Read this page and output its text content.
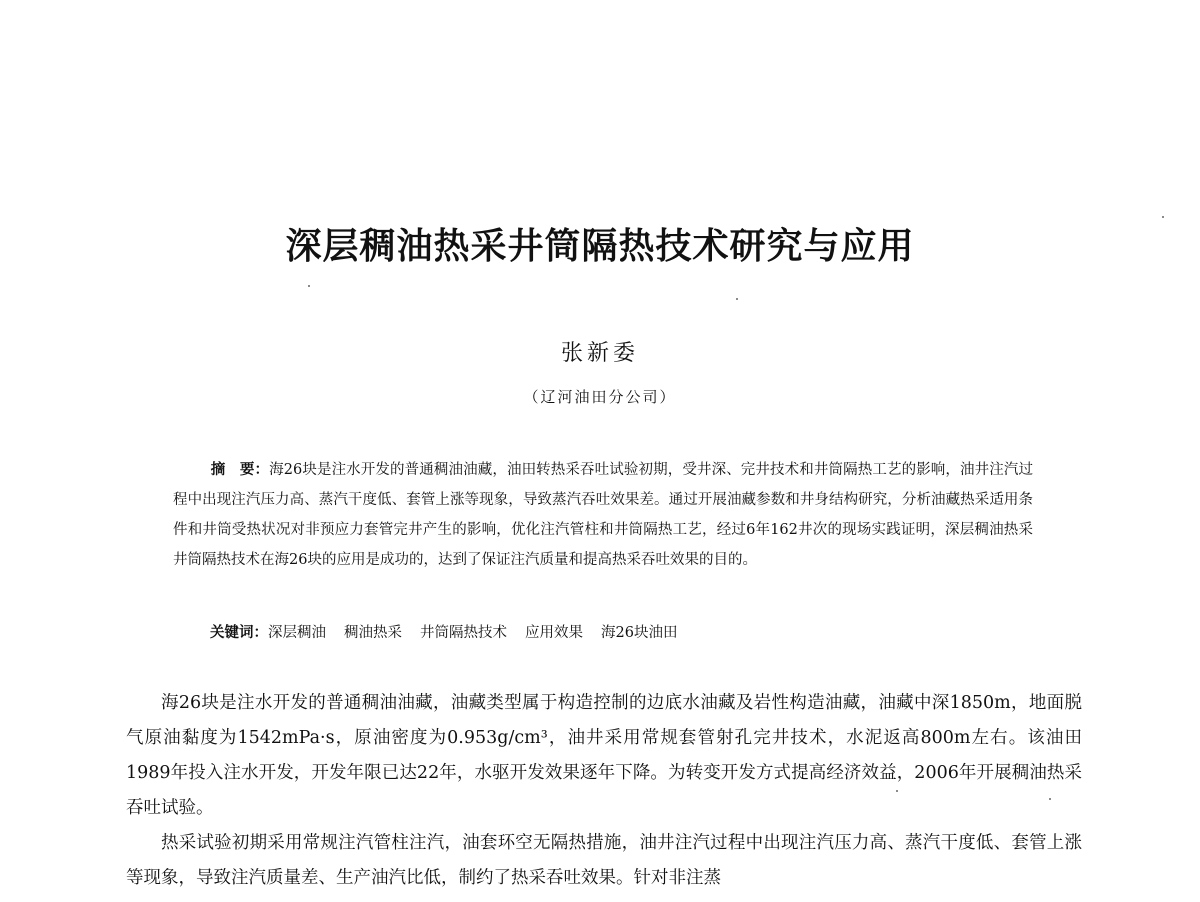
深层稠油热采井筒隔热技术研究与应用
张新委
（辽河油田分公司）

摘　要：海26块是注水开发的普通稠油油藏，油田转热采吞吐试验初期，受井深、完井技术和井筒隔热工艺的影响，油井注汽过程中出现注汽压力高、蒸汽干度低、套管上涨等现象，导致蒸汽吞吐效果差。通过开展油藏参数和井身结构研究，分析油藏热采适用条件和井筒受热状况对非预应力套管完井产生的影响，优化注汽管柱和井筒隔热工艺，经过6年162井次的现场实践证明，深层稠油热采井筒隔热技术在海26块的应用是成功的，达到了保证注汽质量和提高热采吞吐效果的目的。

关键词：深层稠油 稠油热采 井筒隔热技术 应用效果 海26块油田

海26块是注水开发的普通稠油油藏，油藏类型属于构造控制的边底水油藏及岩性构造油藏，油藏中深1850m，地面脱气原油黏度为1542mPa·s，原油密度为0.953g/cm³，油井采用常规套管射孔完井技术，水泥返高800m左右。该油田1989年投入注水开发，开发年限已达22年，水驱开发效果逐年下降。为转变开发方式提高经济效益，2006年开展稠油热采吞吐试验。

热采试验初期采用常规注汽管柱注汽，油套环空无隔热措施，油井注汽过程中出现注汽压力高、蒸汽干度低、套管上涨等现象，导致注汽质量差、生产油汽比低，制约了热采吞吐效果。针对非注蒸
